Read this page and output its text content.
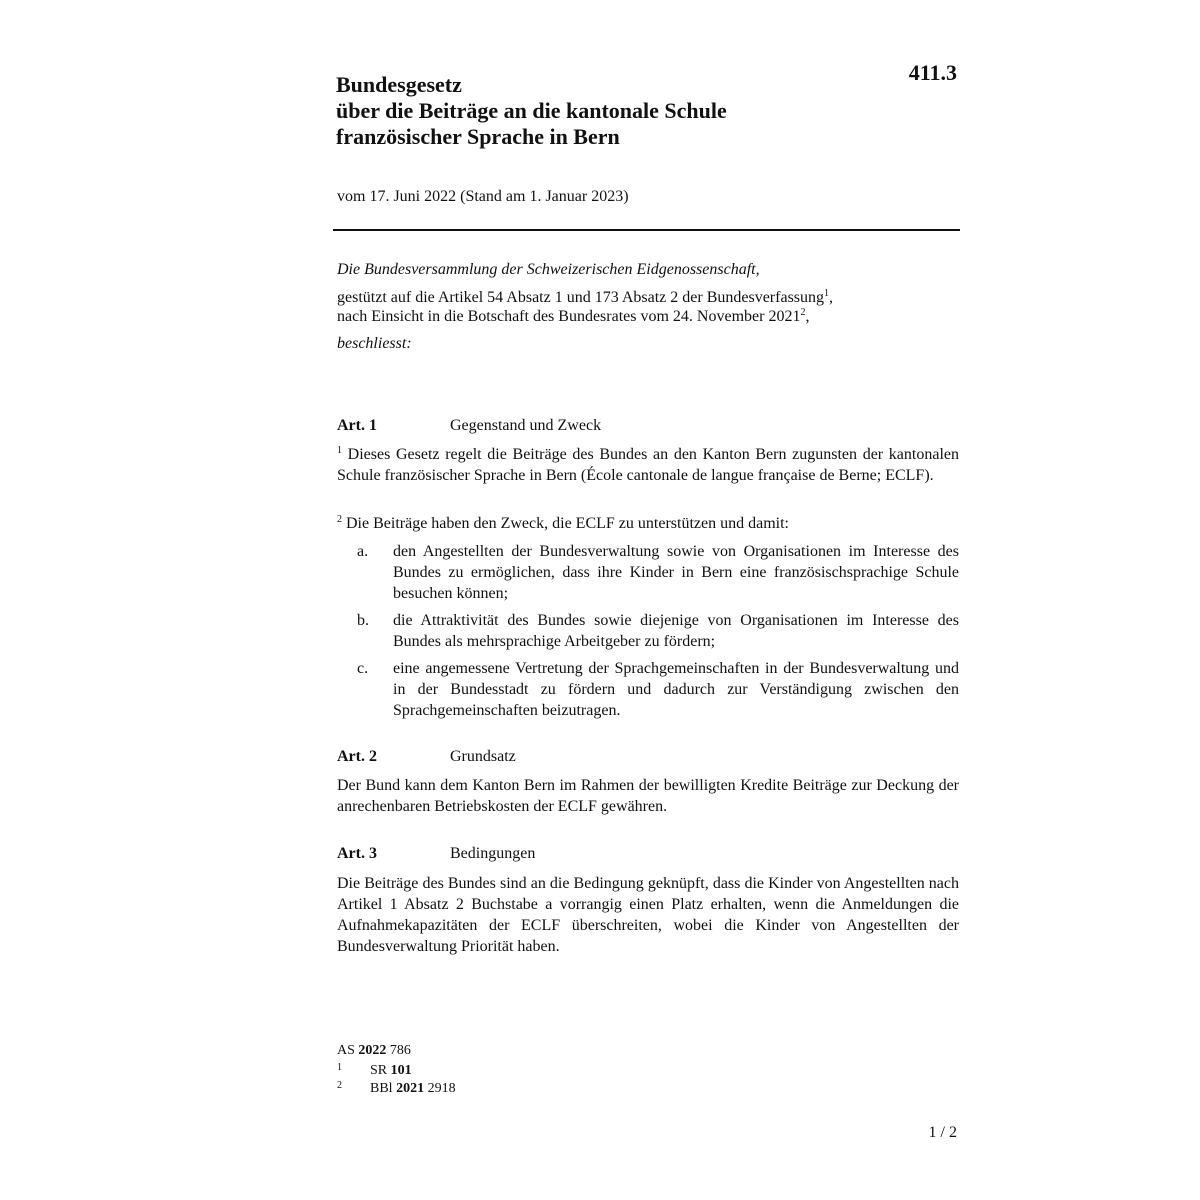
411.3
Bundesgesetz
über die Beiträge an die kantonale Schule
französischer Sprache in Bern
vom 17. Juni 2022 (Stand am 1. Januar 2023)
Die Bundesversammlung der Schweizerischen Eidgenossenschaft,
gestützt auf die Artikel 54 Absatz 1 und 173 Absatz 2 der Bundesverfassung$^1$,
nach Einsicht in die Botschaft des Bundesrates vom 24. November 2021$^2$,
beschliesst:
Art. 1	Gegenstand und Zweck
$^1$ Dieses Gesetz regelt die Beiträge des Bundes an den Kanton Bern zugunsten der kantonalen Schule französischer Sprache in Bern (École cantonale de langue française de Berne; ECLF).
$^2$ Die Beiträge haben den Zweck, die ECLF zu unterstützen und damit:
a. den Angestellten der Bundesverwaltung sowie von Organisationen im Interesse des Bundes zu ermöglichen, dass ihre Kinder in Bern eine französischsprachige Schule besuchen können;
b. die Attraktivität des Bundes sowie diejenige von Organisationen im Interesse des Bundes als mehrsprachige Arbeitgeber zu fördern;
c. eine angemessene Vertretung der Sprachgemeinschaften in der Bundesverwaltung und in der Bundesstadt zu fördern und dadurch zur Verständigung zwischen den Sprachgemeinschaften beizutragen.
Art. 2	Grundsatz
Der Bund kann dem Kanton Bern im Rahmen der bewilligten Kredite Beiträge zur Deckung der anrechenbaren Betriebskosten der ECLF gewähren.
Art. 3	Bedingungen
Die Beiträge des Bundes sind an die Bedingung geknüpft, dass die Kinder von Angestellten nach Artikel 1 Absatz 2 Buchstabe a vorrangig einen Platz erhalten, wenn die Anmeldungen die Aufnahmekapazitäten der ECLF überschreiten, wobei die Kinder von Angestellten der Bundesverwaltung Priorität haben.
AS 2022 786
1 SR 101
2 BBl 2021 2918
1 / 2
